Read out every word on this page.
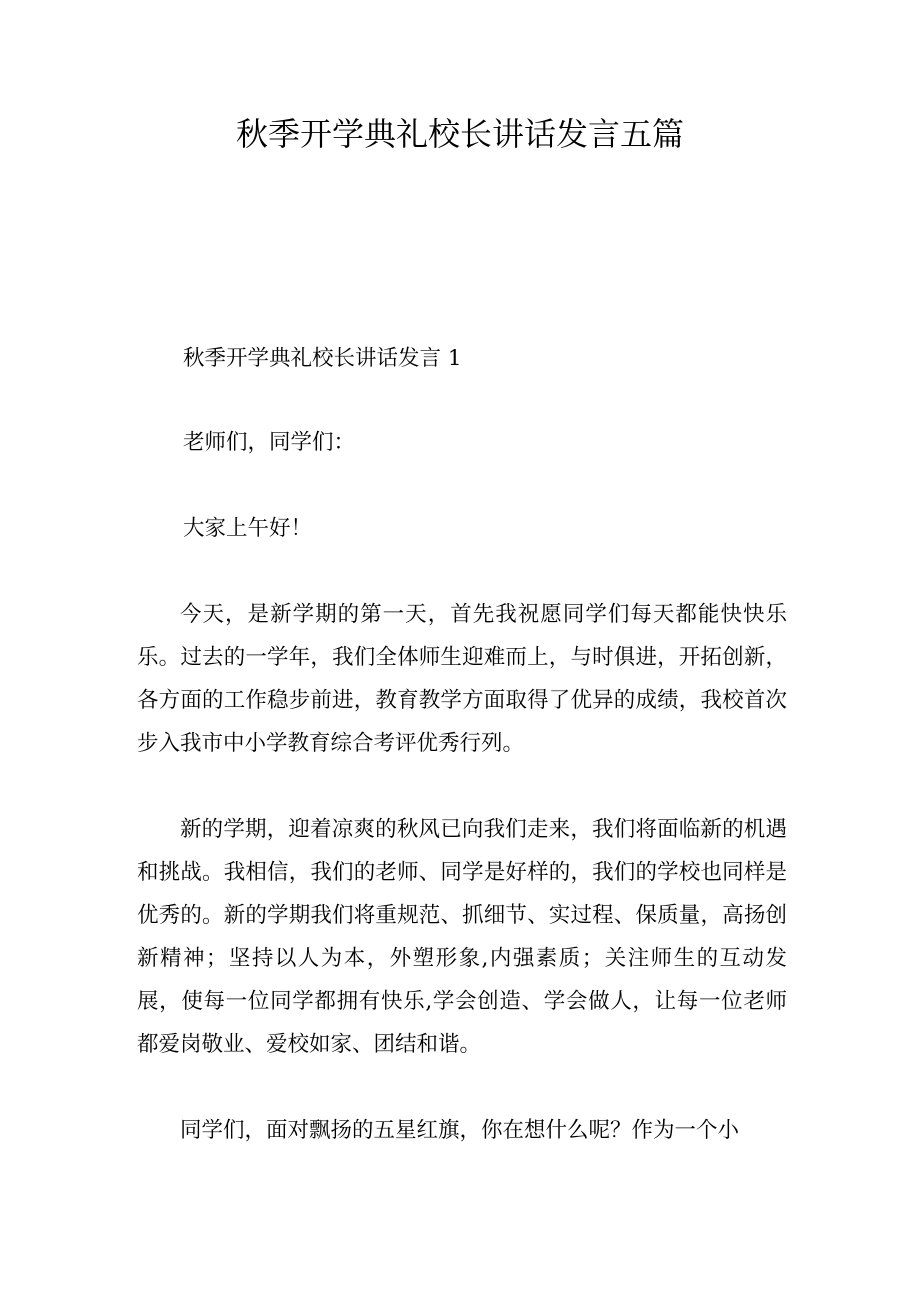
秋季开学典礼校长讲话发言五篇

秋季开学典礼校长讲话发言 1

老师们，同学们：

大家上午好！

今天，是新学期的第一天，首先我祝愿同学们每天都能快快乐乐。过去的一学年，我们全体师生迎难而上，与时俱进，开拓创新，各方面的工作稳步前进，教育教学方面取得了优异的成绩，我校首次步入我市中小学教育综合考评优秀行列。

新的学期，迎着凉爽的秋风已向我们走来，我们将面临新的机遇和挑战。我相信，我们的老师、同学是好样的，我们的学校也同样是优秀的。新的学期我们将重规范、抓细节、实过程、保质量，高扬创新精神；坚持以人为本，外塑形象,内强素质；关注师生的互动发展，使每一位同学都拥有快乐,学会创造、学会做人，让每一位老师都爱岗敬业、爱校如家、团结和谐。

同学们，面对飘扬的五星红旗，你在想什么呢？作为一个小
